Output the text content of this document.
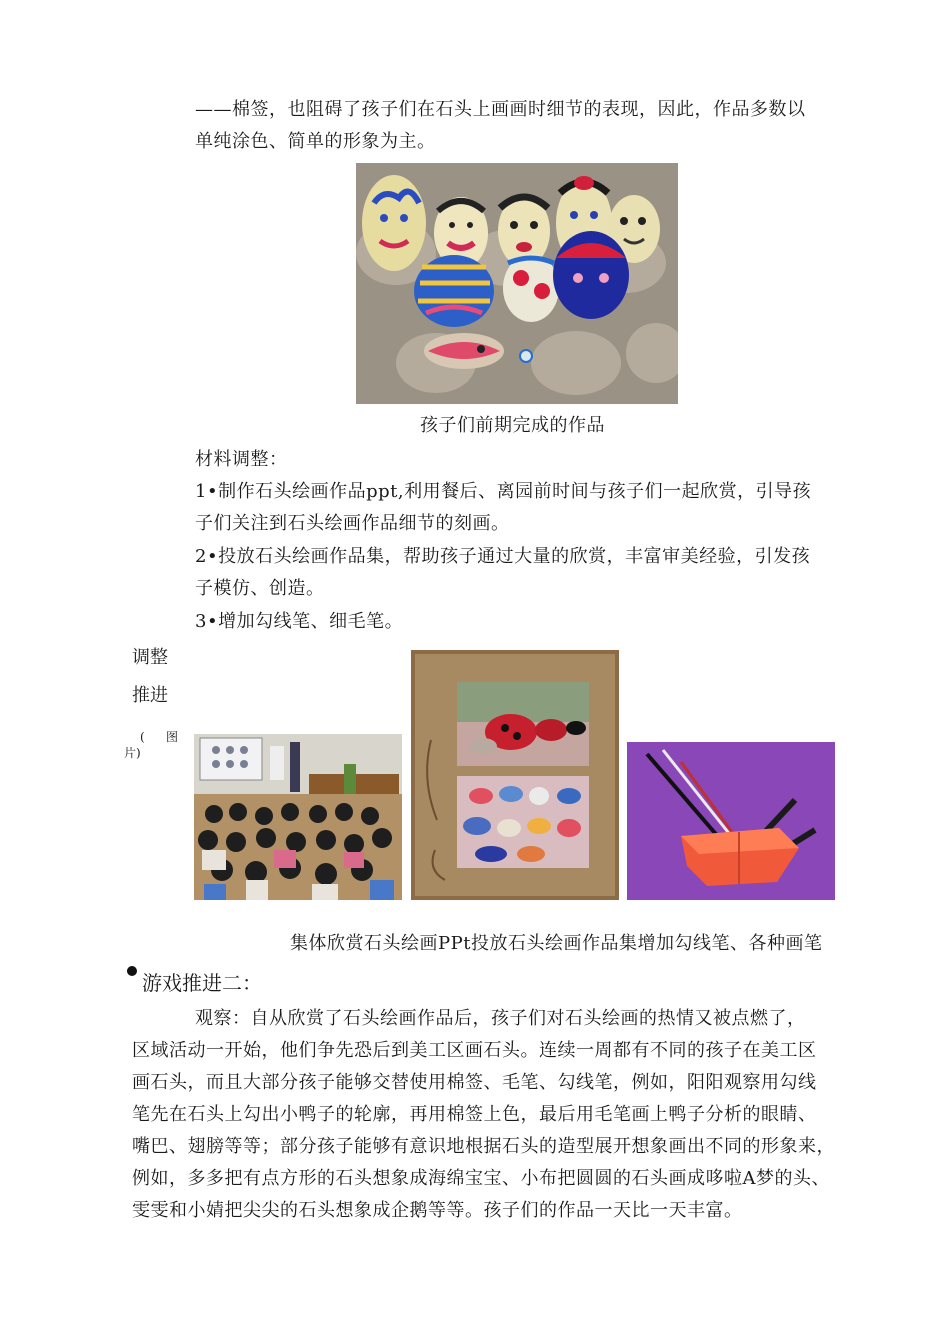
——棉签，也阻碍了孩子们在石头上画画时细节的表现，因此，作品多数以
单纯涂色、简单的形象为主。
孩子们前期完成的作品
材料调整：
1•制作石头绘画作品ppt,利用餐后、离园前时间与孩子们一起欣赏，引导孩
子们关注到石头绘画作品细节的刻画。
2•投放石头绘画作品集，帮助孩子通过大量的欣赏，丰富审美经验，引发孩
子模仿、创造。
3•增加勾线笔、细毛笔。
调整
推进
( 图
片)
集体欣赏石头绘画PPt投放石头绘画作品集增加勾线笔、各种画笔
游戏推进二：
观察：自从欣赏了石头绘画作品后，孩子们对石头绘画的热情又被点燃了，
区域活动一开始，他们争先恐后到美工区画石头。连续一周都有不同的孩子在美工区
画石头，而且大部分孩子能够交替使用棉签、毛笔、勾线笔，例如，阳阳观察用勾线
笔先在石头上勾出小鸭子的轮廓，再用棉签上色，最后用毛笔画上鸭子分析的眼睛、
嘴巴、翅膀等等；部分孩子能够有意识地根据石头的造型展开想象画出不同的形象来，
例如，多多把有点方形的石头想象成海绵宝宝、小布把圆圆的石头画成哆啦A梦的头、
雯雯和小婧把尖尖的石头想象成企鹅等等。孩子们的作品一天比一天丰富。
